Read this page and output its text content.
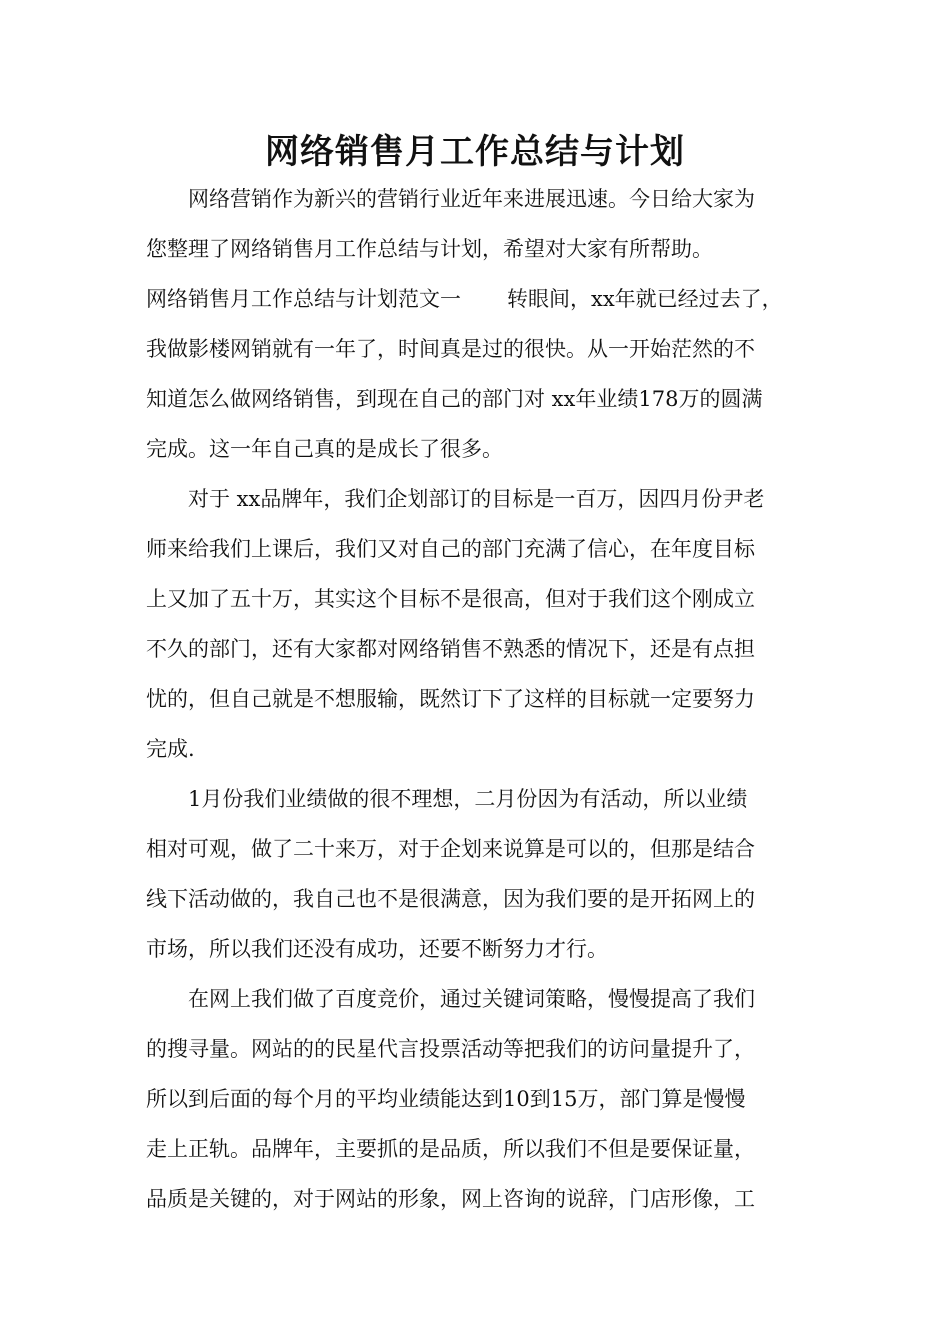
网络销售月工作总结与计划

网络营销作为新兴的营销行业近年来进展迅速。今日给大家为

您整理了网络销售月工作总结与计划，希望对大家有所帮助。

网络销售月工作总结与计划范文一 转眼间，xx年就已经过去了，

我做影楼网销就有一年了，时间真是过的很快。从一开始茫然的不

知道怎么做网络销售，到现在自己的部门对 xx年业绩178万的圆满

完成。这一年自己真的是成长了很多。

对于 xx品牌年，我们企划部订的目标是一百万，因四月份尹老

师来给我们上课后，我们又对自己的部门充满了信心，在年度目标

上又加了五十万，其实这个目标不是很高，但对于我们这个刚成立

不久的部门，还有大家都对网络销售不熟悉的情况下，还是有点担

忧的，但自己就是不想服输，既然订下了这样的目标就一定要努力

完成.

1月份我们业绩做的很不理想，二月份因为有活动，所以业绩

相对可观，做了二十来万，对于企划来说算是可以的，但那是结合

线下活动做的，我自己也不是很满意，因为我们要的是开拓网上的

市场，所以我们还没有成功，还要不断努力才行。

在网上我们做了百度竞价，通过关键词策略，慢慢提高了我们

的搜寻量。网站的的民星代言投票活动等把我们的访问量提升了，

所以到后面的每个月的平均业绩能达到10到15万，部门算是慢慢

走上正轨。品牌年，主要抓的是品质，所以我们不但是要保证量，

品质是关键的，对于网站的形象，网上咨询的说辞，门店形像，工
